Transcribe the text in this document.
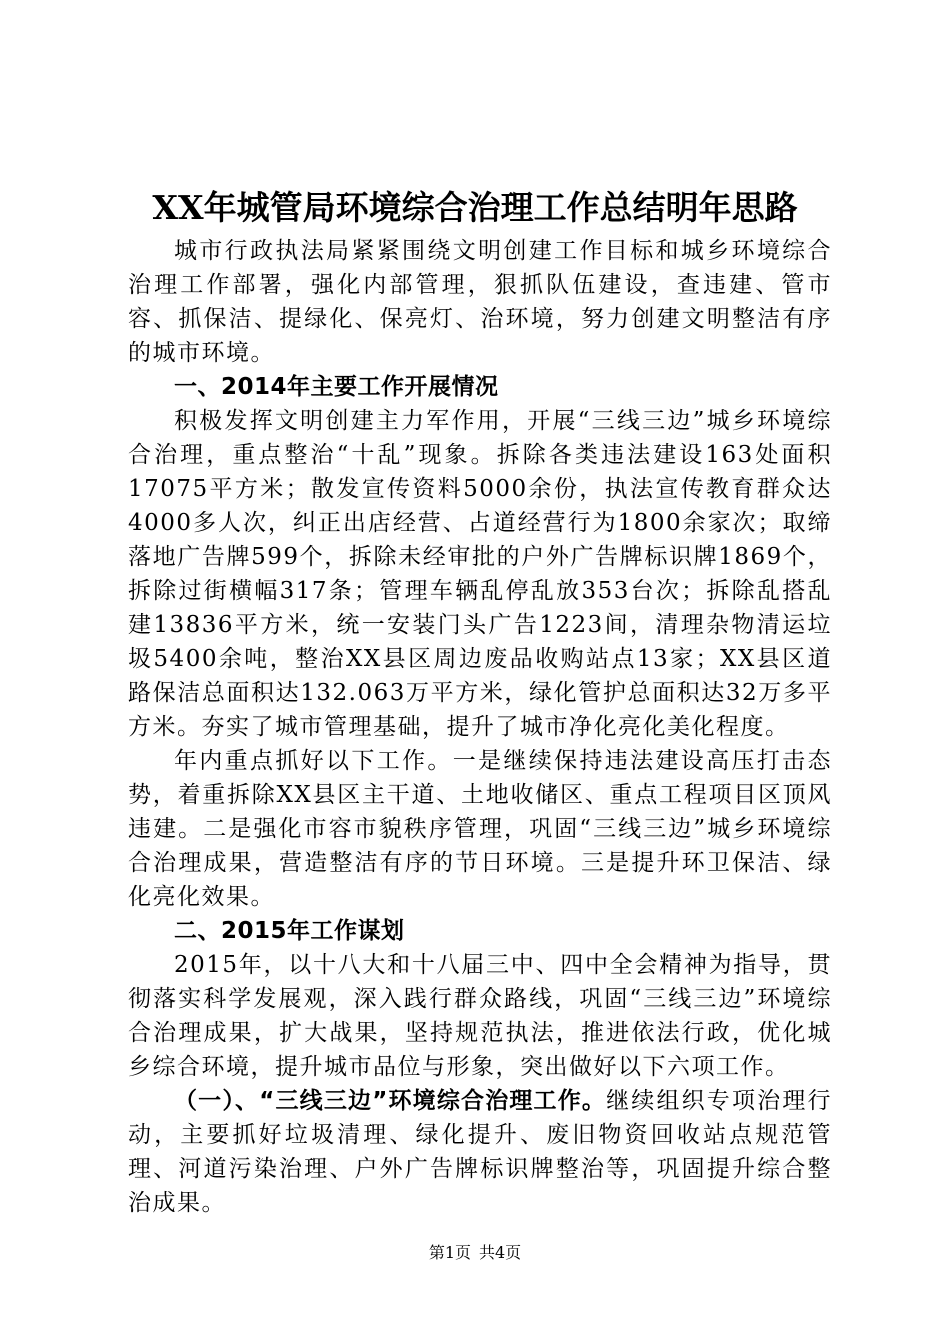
XX年城管局环境综合治理工作总结明年思路

城市行政执法局紧紧围绕文明创建工作目标和城乡环境综合治理工作部署，强化内部管理，狠抓队伍建设，查违建、管市容、抓保洁、提绿化、保亮灯、治环境，努力创建文明整洁有序的城市环境。

一、2014年主要工作开展情况

积极发挥文明创建主力军作用，开展“三线三边”城乡环境综合治理，重点整治“十乱”现象。拆除各类违法建设163处面积17075平方米；散发宣传资料5000余份，执法宣传教育群众达4000多人次，纠正出店经营、占道经营行为1800余家次；取缔落地广告牌599个，拆除未经审批的户外广告牌标识牌1869个，拆除过街横幅317条；管理车辆乱停乱放353台次；拆除乱搭乱建13836平方米，统一安装门头广告1223间，清理杂物清运垃圾5400余吨，整治XX县区周边废品收购站点13家；XX县区道路保洁总面积达132.063万平方米，绿化管护总面积达32万多平方米。夯实了城市管理基础，提升了城市净化亮化美化程度。

年内重点抓好以下工作。一是继续保持违法建设高压打击态势，着重拆除XX县区主干道、土地收储区、重点工程项目区顶风违建。二是强化市容市貌秩序管理，巩固“三线三边”城乡环境综合治理成果，营造整洁有序的节日环境。三是提升环卫保洁、绿化亮化效果。

二、2015年工作谋划

2015年，以十八大和十八届三中、四中全会精神为指导，贯彻落实科学发展观，深入践行群众路线，巩固“三线三边”环境综合治理成果，扩大战果，坚持规范执法，推进依法行政，优化城乡综合环境，提升城市品位与形象，突出做好以下六项工作。

（一）、“三线三边”环境综合治理工作。继续组织专项治理行动，主要抓好垃圾清理、绿化提升、废旧物资回收站点规范管理、河道污染治理、户外广告牌标识牌整治等，巩固提升综合整治成果。

第1页 共4页
